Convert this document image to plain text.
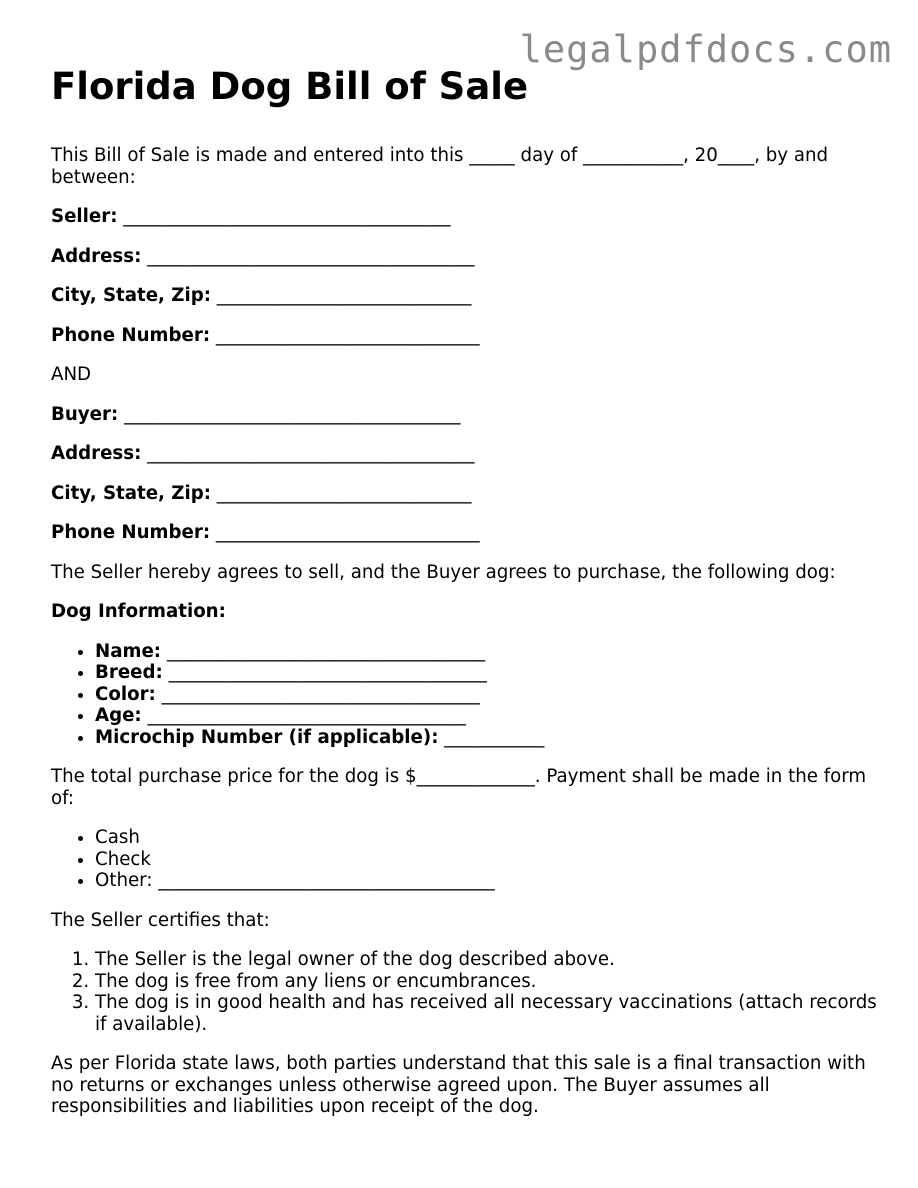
legalpdfdocs.com
Florida Dog Bill of Sale

This Bill of Sale is made and entered into this _____ day of ___________, 20____, by and between:

Seller: ____________________________________

Address: ____________________________________

City, State, Zip: ____________________________

Phone Number: _____________________________

AND

Buyer: _____________________________________

Address: ____________________________________

City, State, Zip: ____________________________

Phone Number: _____________________________

The Seller hereby agrees to sell, and the Buyer agrees to purchase, the following dog:

Dog Information:

• Name: ___________________________________
• Breed: ___________________________________
• Color: ___________________________________
• Age: ___________________________________
• Microchip Number (if applicable): ___________

The total purchase price for the dog is $_____________. Payment shall be made in the form of:

• Cash
• Check
• Other: _____________________________________

The Seller certifies that:

1. The Seller is the legal owner of the dog described above.
2. The dog is free from any liens or encumbrances.
3. The dog is in good health and has received all necessary vaccinations (attach records if available).

As per Florida state laws, both parties understand that this sale is a final transaction with no returns or exchanges unless otherwise agreed upon. The Buyer assumes all responsibilities and liabilities upon receipt of the dog.
